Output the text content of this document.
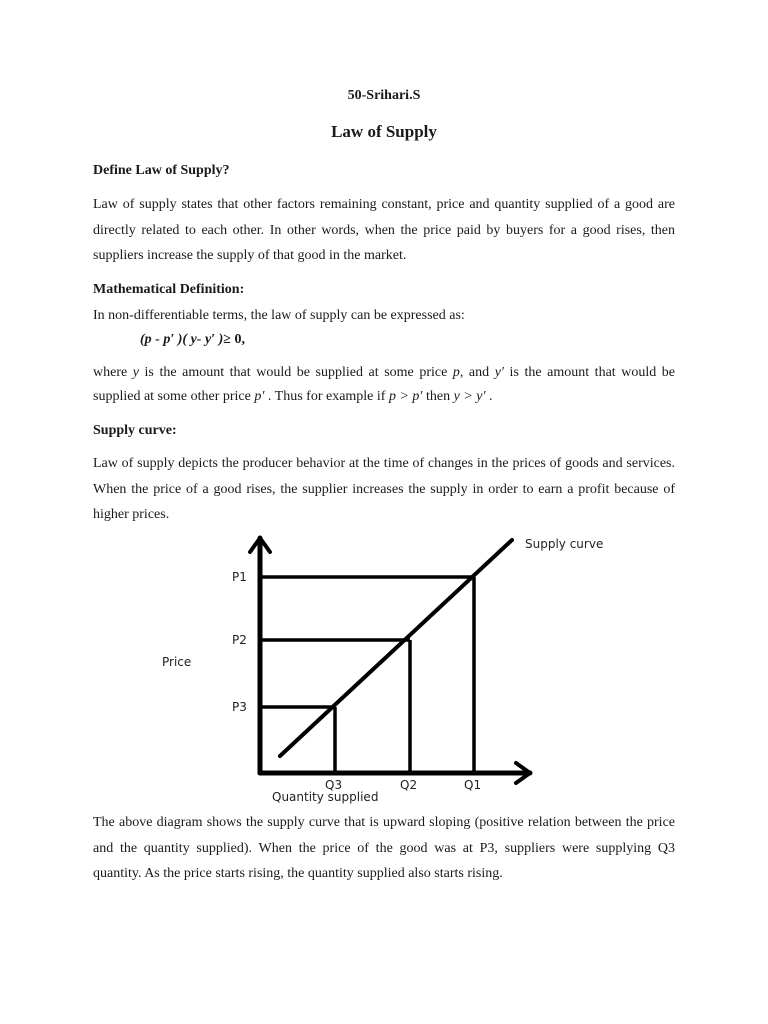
50-Srihari.S
Law of Supply
Define Law of Supply?
Law of supply states that other factors remaining constant, price and quantity supplied of a good are directly related to each other. In other words, when the price paid by buyers for a good rises, then suppliers increase the supply of that good in the market.
Mathematical Definition:
In non-differentiable terms, the law of supply can be expressed as:
(p - p′ )( y- y′ )≥ 0,
where y is the amount that would be supplied at some price p, and y′ is the amount that would be supplied at some other price p′ . Thus for example if p > p′ then y > y′ .
Supply curve:
Law of supply depicts the producer behavior at the time of changes in the prices of goods and services. When the price of a good rises, the supplier increases the supply in order to earn a profit because of higher prices.
Supply curve
P1
P2
P3
Q3	Q2	Q1
Price
Quantity supplied
The above diagram shows the supply curve that is upward sloping (positive relation between the price and the quantity supplied). When the price of the good was at P3, suppliers were supplying Q3 quantity. As the price starts rising, the quantity supplied also starts rising.
